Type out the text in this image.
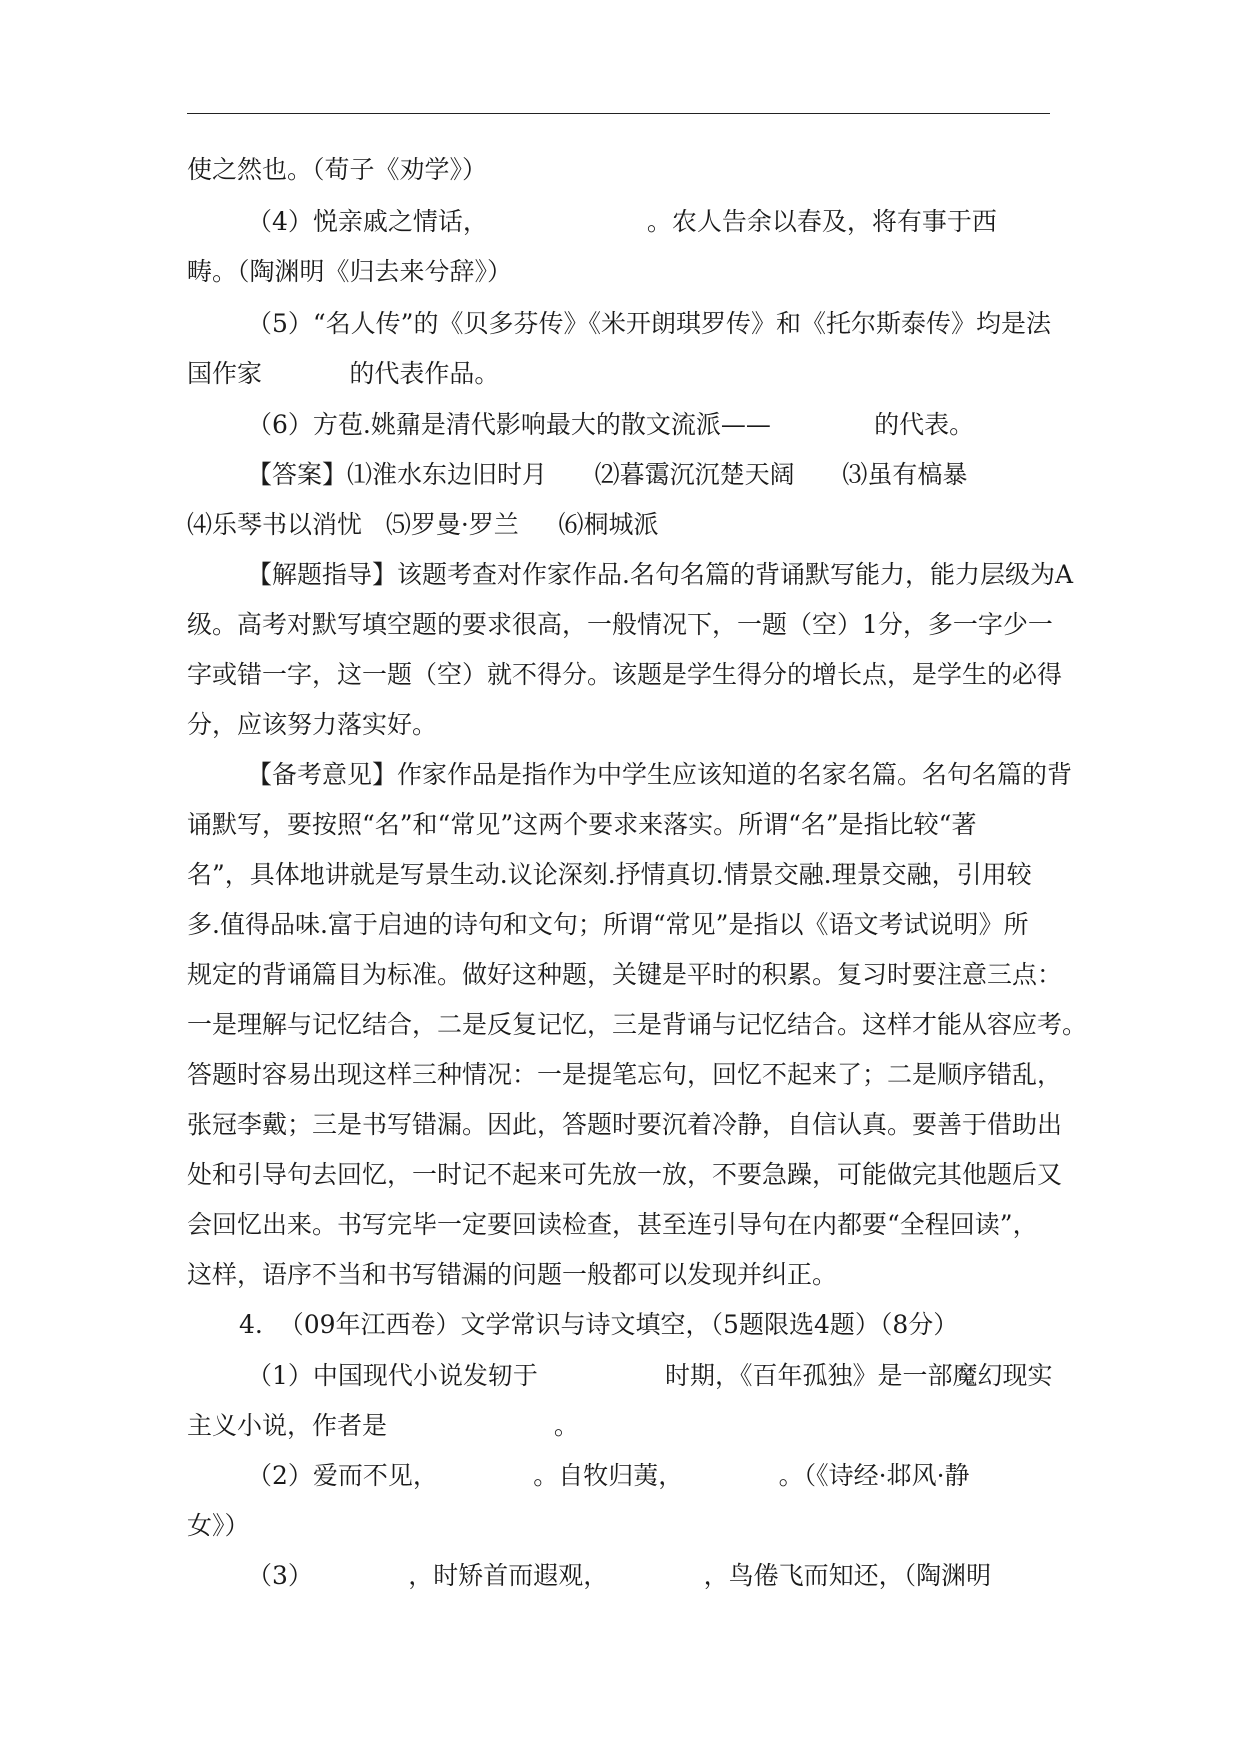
使之然也。（荀子《劝学》）
（4）悦亲戚之情话，                    。农人告余以春及，将有事于西
畴。（陶渊明《归去来兮辞》）
（5）“名人传”的《贝多芬传》《米开朗琪罗传》和《托尔斯泰传》均是法
国作家           的代表作品。
（6）方苞.姚鼐是清代影响最大的散文流派——             的代表。
【答案】⑴淮水东边旧时月      ⑵暮霭沉沉楚天阔      ⑶虽有槁暴
⑷乐琴书以消忧   ⑸罗曼·罗兰     ⑹桐城派
【解题指导】该题考查对作家作品.名句名篇的背诵默写能力，能力层级为A
级。高考对默写填空题的要求很高，一般情况下，一题（空）1分，多一字少一
字或错一字，这一题（空）就不得分。该题是学生得分的增长点，是学生的必得
分，应该努力落实好。
【备考意见】作家作品是指作为中学生应该知道的名家名篇。名句名篇的背
诵默写，要按照“名”和“常见”这两个要求来落实。所谓“名”是指比较“著
名”，具体地讲就是写景生动.议论深刻.抒情真切.情景交融.理景交融，引用较
多.值得品味.富于启迪的诗句和文句；所谓“常见”是指以《语文考试说明》所
规定的背诵篇目为标准。做好这种题，关键是平时的积累。复习时要注意三点：
一是理解与记忆结合，二是反复记忆，三是背诵与记忆结合。这样才能从容应考。
答题时容易出现这样三种情况：一是提笔忘句，回忆不起来了；二是顺序错乱，
张冠李戴；三是书写错漏。因此，答题时要沉着冷静，自信认真。要善于借助出
处和引导句去回忆，一时记不起来可先放一放，不要急躁，可能做完其他题后又
会回忆出来。书写完毕一定要回读检查，甚至连引导句在内都要“全程回读”，
这样，语序不当和书写错漏的问题一般都可以发现并纠正。
4.  （09年江西卷）文学常识与诗文填空，（5题限选4题）（8分）
（1）中国现代小说发轫于                时期，《百年孤独》是一部魔幻现实
主义小说，作者是                     。
（2）爱而不见，            。自牧归荑，            。（《诗经·邶风·静
女》）
（3）            ，时矫首而遐观，            ，鸟倦飞而知还，（陶渊明
